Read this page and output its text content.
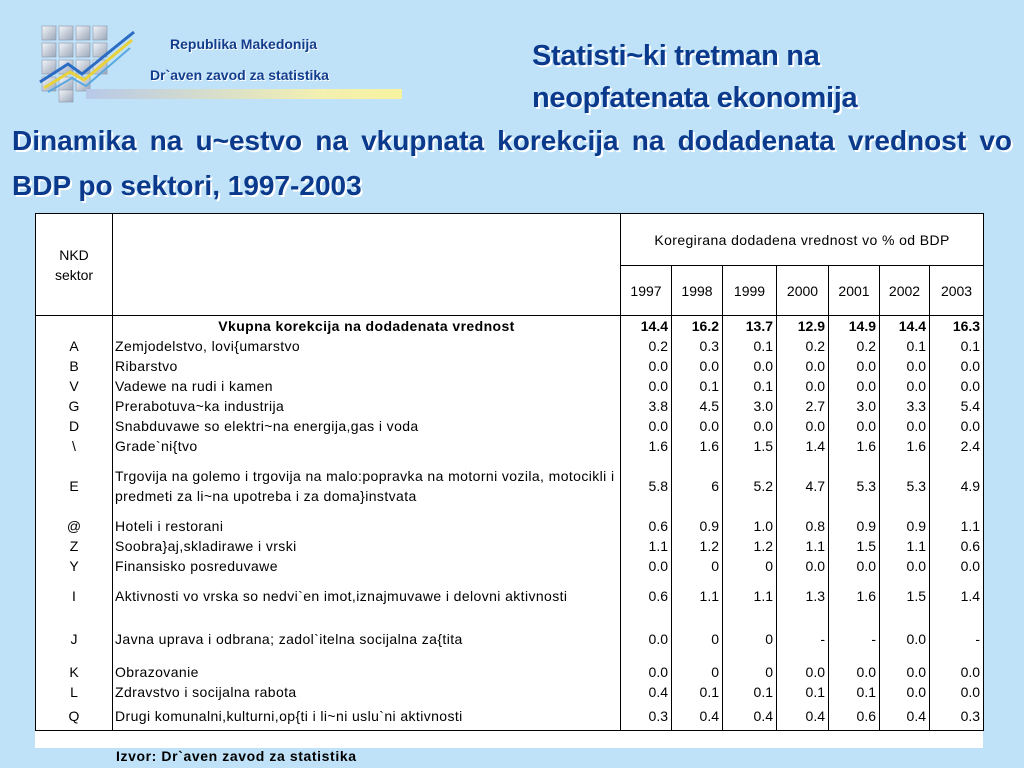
Republika Makedonija
Dr`aven zavod za statistika
Statisti~ki tretman na neopfatenata ekonomija
Dinamika na u~estvo na vkupnata korekcija na dodadenata vrednost vo BDP po sektori, 1997-2003
NKD sektor		Koregirana dodadena vrednost vo % od BDP						
		1997	1998	1999	2000	2001	2002	2003
	Vkupna korekcija na dodadenata vrednost	14.4	16.2	13.7	12.9	14.9	14.4	16.3
A	Zemjodelstvo, lovi{umarstvo	0.2	0.3	0.1	0.2	0.2	0.1	0.1
B	Ribarstvo	0.0	0.0	0.0	0.0	0.0	0.0	0.0
V	Vadewe na rudi i kamen	0.0	0.1	0.1	0.0	0.0	0.0	0.0
G	Prerabotuva~ka industrija	3.8	4.5	3.0	2.7	3.0	3.3	5.4
D	Snabduvawe so elektri~na energija,gas i voda	0.0	0.0	0.0	0.0	0.0	0.0	0.0
\	Grade`ni{tvo	1.6	1.6	1.5	1.4	1.6	1.6	2.4
E	Trgovija na golemo i trgovija na malo:popravka na motorni vozila, motocikli i predmeti za li~na upotreba i za doma}instvata	5.8	6	5.2	4.7	5.3	5.3	4.9
@	Hoteli i restorani	0.6	0.9	1.0	0.8	0.9	0.9	1.1
Z	Soobra}aj,skladirawe i vrski	1.1	1.2	1.2	1.1	1.5	1.1	0.6
Y	Finansisko posreduvawe	0.0	0	0	0.0	0.0	0.0	0.0
I	Aktivnosti vo vrska so nedvi`en imot,iznajmuvawe i delovni aktivnosti	0.6	1.1	1.1	1.3	1.6	1.5	1.4
J	Javna uprava i odbrana; zadol`itelna socijalna za{tita	0.0	0	0	-	-	0.0	-
K	Obrazovanie	0.0	0	0	0.0	0.0	0.0	0.0
L	Zdravstvo i socijalna rabota	0.4	0.1	0.1	0.1	0.1	0.0	0.0
Q	Drugi komunalni,kulturni,op{ti i li~ni uslu`ni aktivnosti	0.3	0.4	0.4	0.4	0.6	0.4	0.3
Izvor: Dr`aven zavod za statistika
